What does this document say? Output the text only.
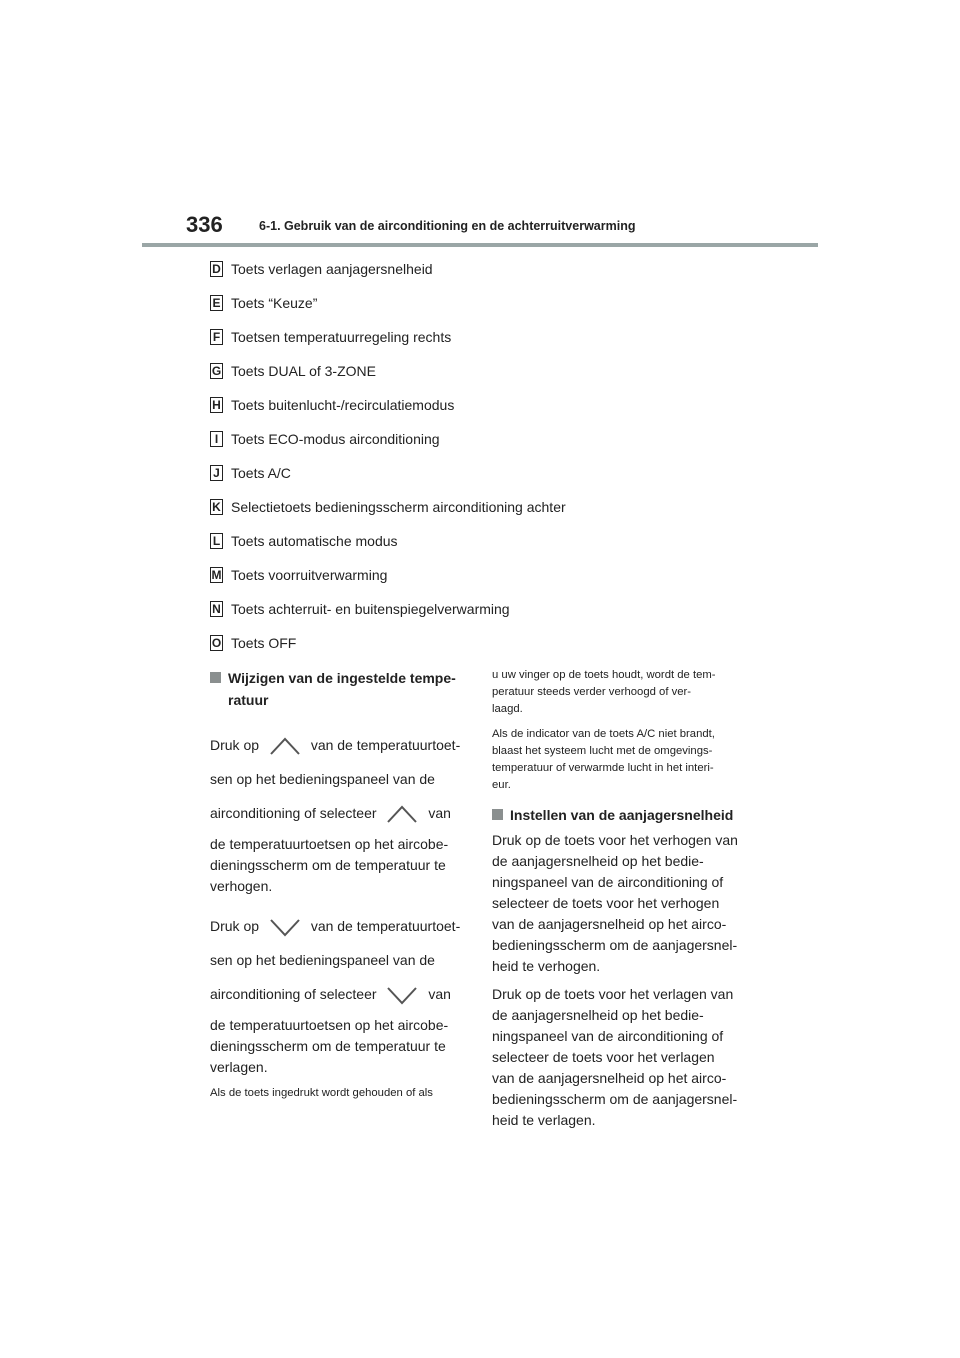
336	6-1. Gebruik van de airconditioning en de achterruitverwarming
D Toets verlagen aanjagersnelheid
E Toets “Keuze”
F Toetsen temperatuurregeling rechts
G Toets DUAL of 3-ZONE
H Toets buitenlucht-/recirculatiemodus
I Toets ECO-modus airconditioning
J Toets A/C
K Selectietoets bedieningsscherm airconditioning achter
L Toets automatische modus
M Toets voorruitverwarming
N Toets achterruit- en buitenspiegelverwarming
O Toets OFF
Wijzigen van de ingestelde tempe-
ratuur
Druk op	van de temperatuurtoet-
sen op het bedieningspaneel van de
airconditioning of selecteer	van
de temperatuurtoetsen op het aircobe-
dieningsscherm om de temperatuur te
verhogen.
Druk op	van de temperatuurtoet-
sen op het bedieningspaneel van de
airconditioning of selecteer	van
de temperatuurtoetsen op het aircobe-
dieningsscherm om de temperatuur te
verlagen.
Als de toets ingedrukt wordt gehouden of als
u uw vinger op de toets houdt, wordt de tem-
peratuur steeds verder verhoogd of ver-
laagd.
Als de indicator van de toets A/C niet brandt,
blaast het systeem lucht met de omgevings-
temperatuur of verwarmde lucht in het interi-
eur.
Instellen van de aanjagersnelheid
Druk op de toets voor het verhogen van
de aanjagersnelheid op het bedie-
ningspaneel van de airconditioning of
selecteer de toets voor het verhogen
van de aanjagersnelheid op het airco-
bedieningsscherm om de aanjagersnel-
heid te verhogen.
Druk op de toets voor het verlagen van
de aanjagersnelheid op het bedie-
ningspaneel van de airconditioning of
selecteer de toets voor het verlagen
van de aanjagersnelheid op het airco-
bedieningsscherm om de aanjagersnel-
heid te verlagen.
